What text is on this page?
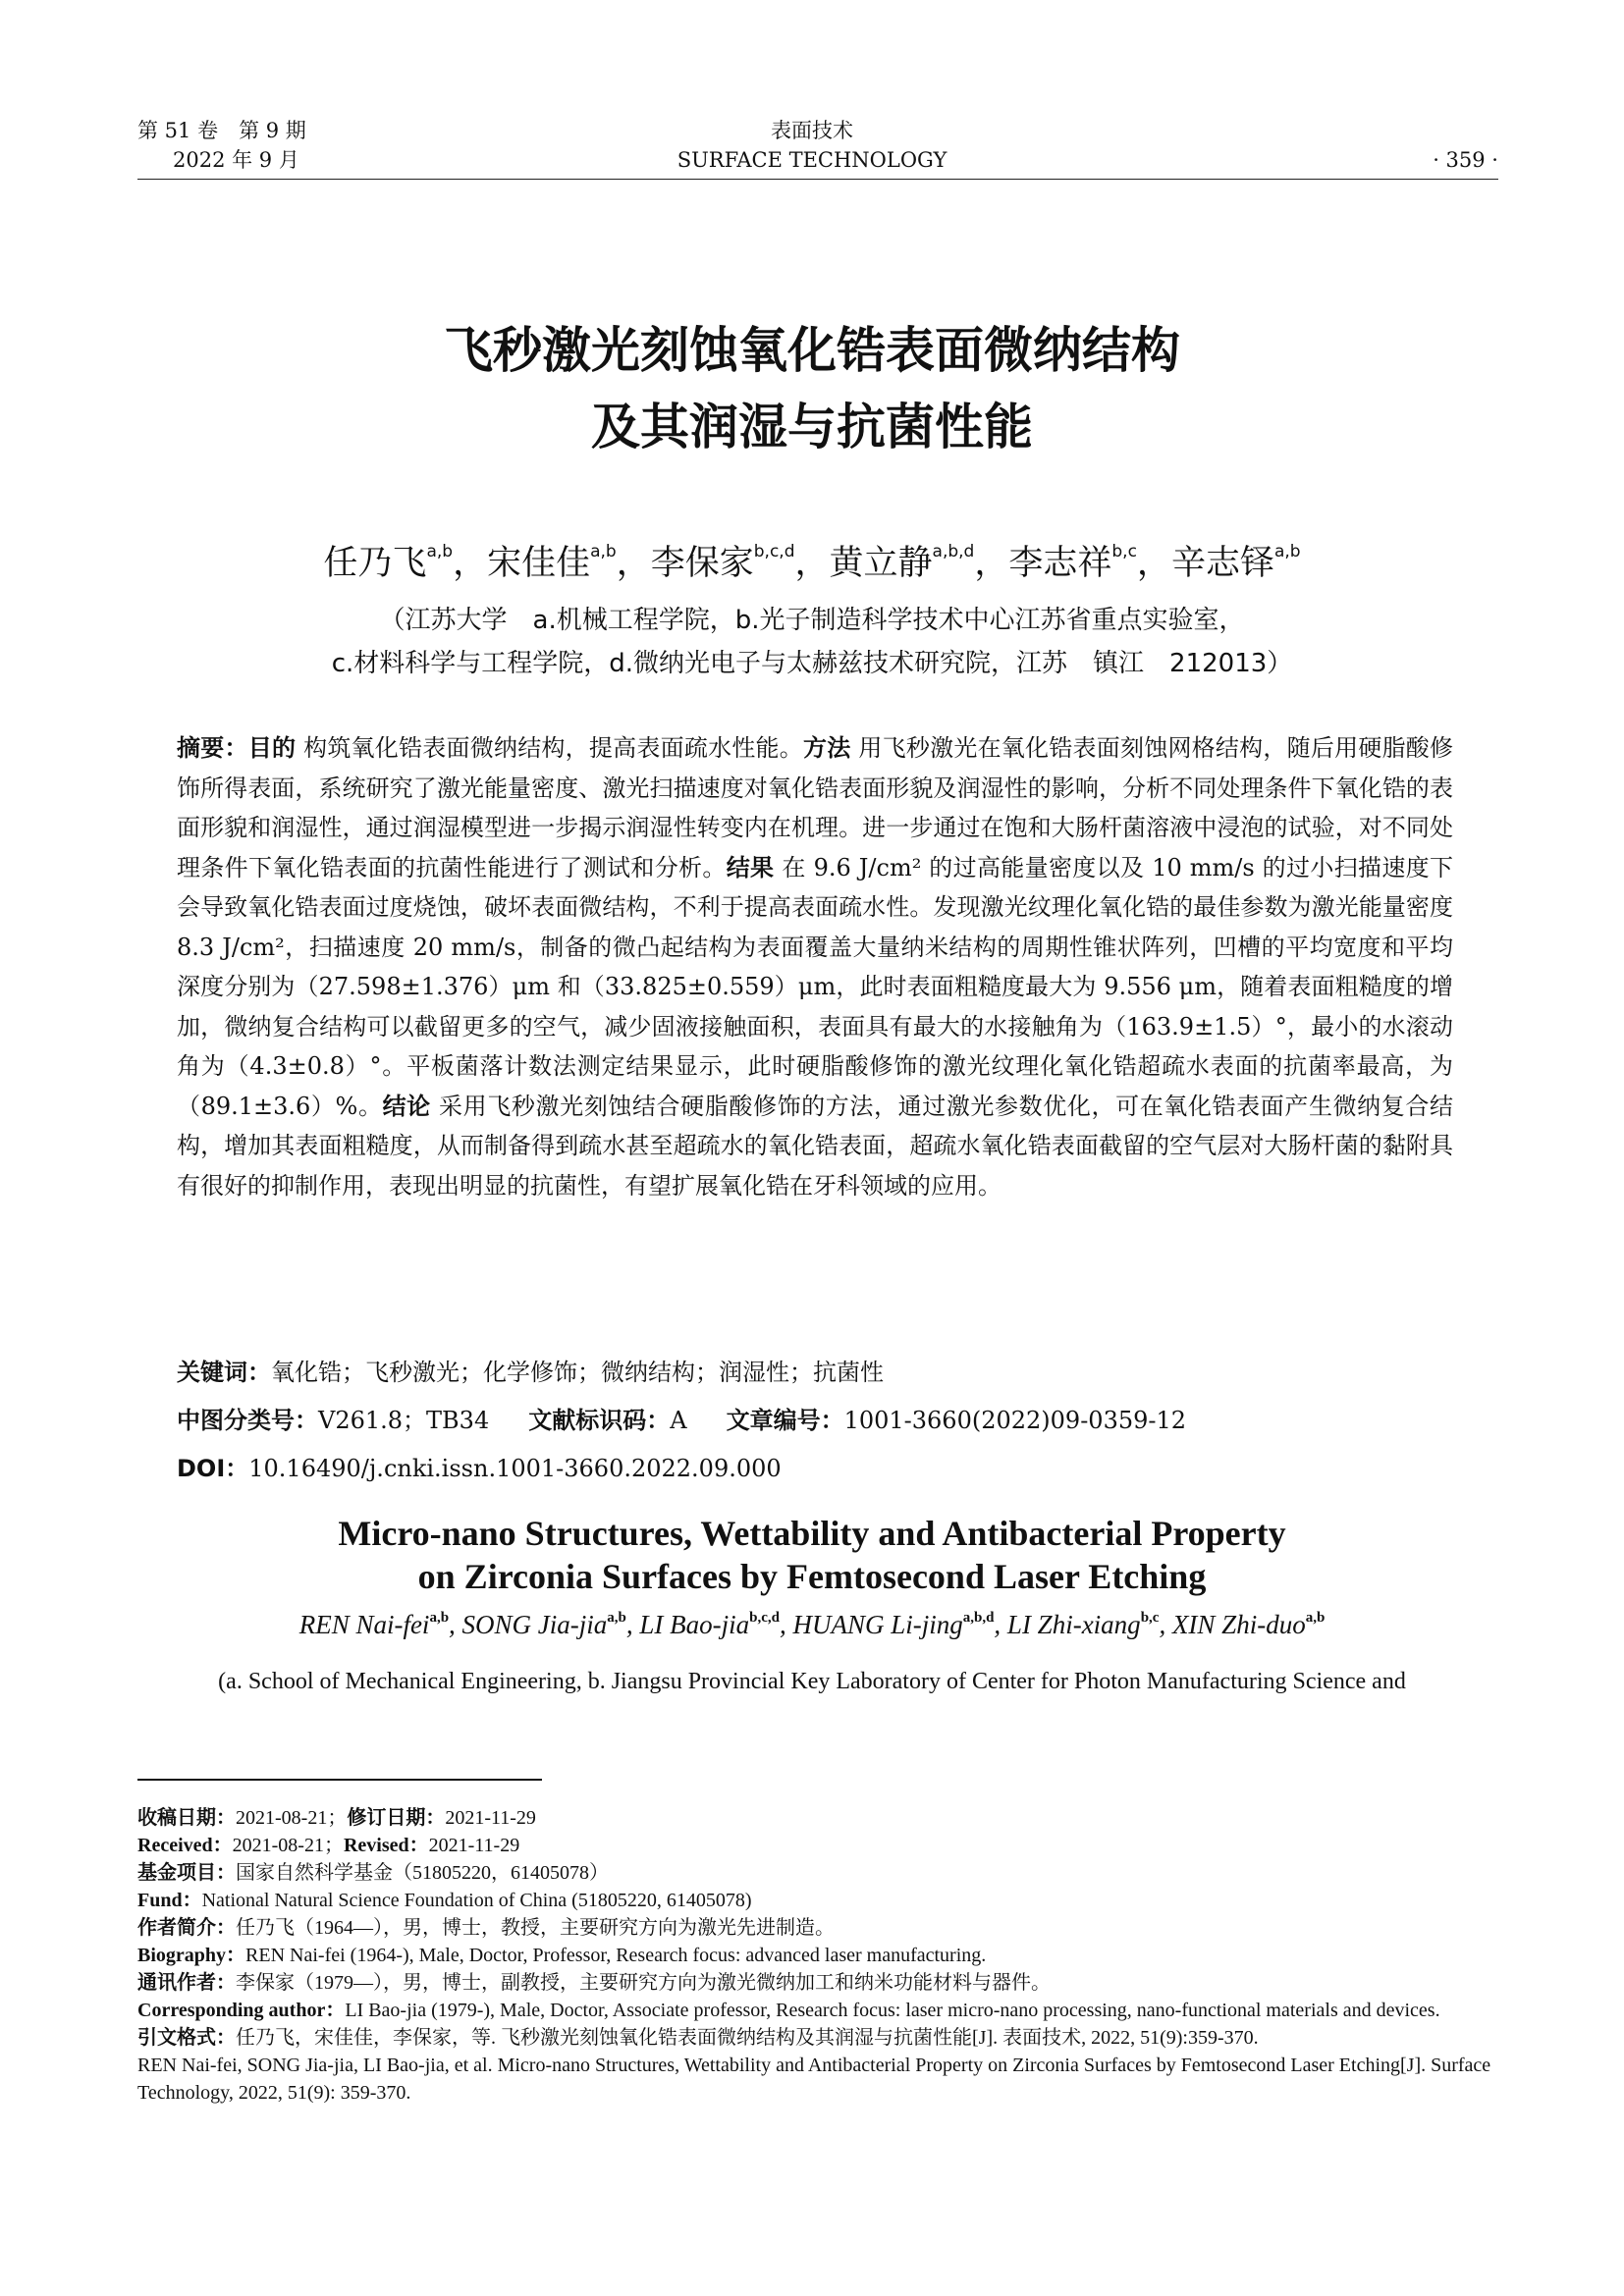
第 51 卷　第 9 期
2022 年 9 月
表面技术
SURFACE TECHNOLOGY	· 359 ·
飞秒激光刻蚀氧化锆表面微纳结构
及其润湿与抗菌性能
任乃飞$^{a,b}$，宋佳佳$^{a,b}$，李保家$^{b,c,d}$，黄立静$^{a,b,d}$，李志祥$^{b,c}$，辛志铎$^{a,b}$
（江苏大学　a.机械工程学院，b.光子制造科学技术中心江苏省重点实验室，
c.材料科学与工程学院，d.微纳光电子与太赫兹技术研究院，江苏　镇江　212013）
摘要：目的 构筑氧化锆表面微纳结构，提高表面疏水性能。方法 用飞秒激光在氧化锆表面刻蚀网格结构，随后用硬脂酸修饰所得表面，系统研究了激光能量密度、激光扫描速度对氧化锆表面形貌及润湿性的影响，分析不同处理条件下氧化锆的表面形貌和润湿性，通过润湿模型进一步揭示润湿性转变内在机理。进一步通过在饱和大肠杆菌溶液中浸泡的试验，对不同处理条件下氧化锆表面的抗菌性能进行了测试和分析。结果 在 9.6 J/cm² 的过高能量密度以及 10 mm/s 的过小扫描速度下会导致氧化锆表面过度烧蚀，破坏表面微结构，不利于提高表面疏水性。发现激光纹理化氧化锆的最佳参数为激光能量密度 8.3 J/cm²，扫描速度 20 mm/s，制备的微凸起结构为表面覆盖大量纳米结构的周期性锥状阵列，凹槽的平均宽度和平均深度分别为（27.598±1.376）μm 和（33.825±0.559）μm，此时表面粗糙度最大为 9.556 μm，随着表面粗糙度的增加，微纳复合结构可以截留更多的空气，减少固液接触面积，表面具有最大的水接触角为（163.9±1.5）°，最小的水滚动角为（4.3±0.8）°。平板菌落计数法测定结果显示，此时硬脂酸修饰的激光纹理化氧化锆超疏水表面的抗菌率最高，为（89.1±3.6）%。结论 采用飞秒激光刻蚀结合硬脂酸修饰的方法，通过激光参数优化，可在氧化锆表面产生微纳复合结构，增加其表面粗糙度，从而制备得到疏水甚至超疏水的氧化锆表面，超疏水氧化锆表面截留的空气层对大肠杆菌的黏附具有很好的抑制作用，表现出明显的抗菌性，有望扩展氧化锆在牙科领域的应用。
关键词：氧化锆；飞秒激光；化学修饰；微纳结构；润湿性；抗菌性
中图分类号：V261.8；TB34 文献标识码：A 文章编号：1001-3660(2022)09-0359-12
DOI：10.16490/j.cnki.issn.1001-3660.2022.09.000
Micro-nano Structures, Wettability and Antibacterial Property
on Zirconia Surfaces by Femtosecond Laser Etching
REN Nai-fei$^{a,b}$, SONG Jia-jia$^{a,b}$, LI Bao-jia$^{b,c,d}$, HUANG Li-jing$^{a,b,d}$, LI Zhi-xiang$^{b,c}$, XIN Zhi-duo$^{a,b}$
(a. School of Mechanical Engineering, b. Jiangsu Provincial Key Laboratory of Center for Photon Manufacturing Science and

收稿日期：2021-08-21；修订日期：2021-11-29

Received：2021-08-21；Revised：2021-11-29

基金项目：国家自然科学基金（51805220，61405078）

Fund：National Natural Science Foundation of China (51805220, 61405078)

作者简介：任乃飞（1964—），男，博士，教授，主要研究方向为激光先进制造。

Biography：REN Nai-fei (1964-), Male, Doctor, Professor, Research focus: advanced laser manufacturing.

通讯作者：李保家（1979—），男，博士，副教授，主要研究方向为激光微纳加工和纳米功能材料与器件。

Corresponding author：LI Bao-jia (1979-), Male, Doctor, Associate professor, Research focus: laser micro-nano processing, nano-functional materials and devices.

引文格式：任乃飞，宋佳佳，李保家，等. 飞秒激光刻蚀氧化锆表面微纳结构及其润湿与抗菌性能[J]. 表面技术, 2022, 51(9):359-370.

REN Nai-fei, SONG Jia-jia, LI Bao-jia, et al. Micro-nano Structures, Wettability and Antibacterial Property on Zirconia Surfaces by Femtosecond Laser Etching[J]. Surface Technology, 2022, 51(9): 359-370.
